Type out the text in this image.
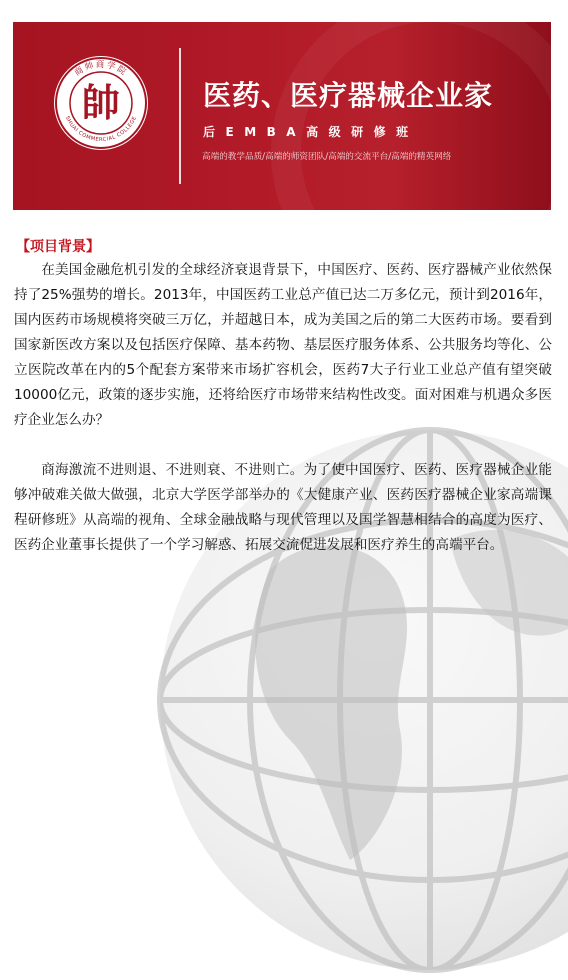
商帅商学院
SHUAI COMMERCIAL COLLEGE
帥	医药、医疗器械企业家
后EMBA高级研修班
高端的教学品质/高端的师资团队/高端的交流平台/高端的精英网络
【项目背景】

在美国金融危机引发的全球经济衰退背景下，中国医疗、医药、医疗器械产业依然保持了25%强势的增长。2013年，中国医药工业总产值已达二万多亿元，预计到2016年，国内医药市场规模将突破三万亿，并超越日本，成为美国之后的第二大医药市场。要看到国家新医改方案以及包括医疗保障、基本药物、基层医疗服务体系、公共服务均等化、公立医院改革在内的5个配套方案带来市场扩容机会，医药7大子行业工业总产值有望突破10000亿元，政策的逐步实施，还将给医疗市场带来结构性改变。面对困难与机遇众多医疗企业怎么办？

商海激流不进则退、不进则衰、不进则亡。为了使中国医疗、医药、医疗器械企业能够冲破难关做大做强，北京大学医学部举办的《大健康产业、医药医疗器械企业家高端课程研修班》从高端的视角、全球金融战略与现代管理以及国学智慧相结合的高度为医疗、医药企业董事长提供了一个学习解惑、拓展交流促进发展和医疗养生的高端平台。
